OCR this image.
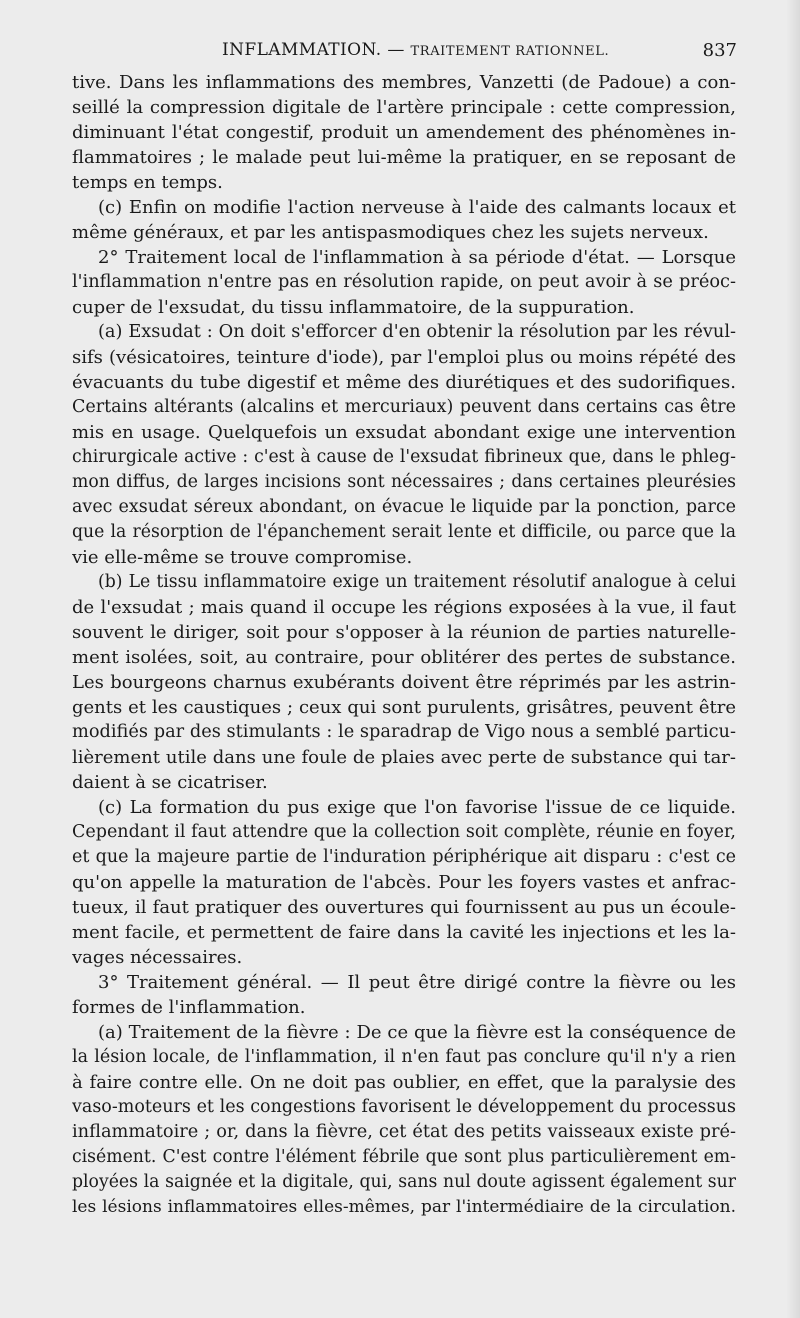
INFLAMMATION. — TRAITEMENT RATIONNEL.	837
tive. Dans les inflammations des membres, Vanzetti (de Padoue) a con-
seillé la compression digitale de l'artère principale : cette compression,
diminuant l'état congestif, produit un amendement des phénomènes in-
flammatoires ; le malade peut lui-même la pratiquer, en se reposant de
temps en temps.
(c) Enfin on modifie l'action nerveuse à l'aide des calmants locaux et
même généraux, et par les antispasmodiques chez les sujets nerveux.
2° Traitement local de l'inflammation à sa période d'état. — Lorsque
l'inflammation n'entre pas en résolution rapide, on peut avoir à se préoc-
cuper de l'exsudat, du tissu inflammatoire, de la suppuration.
(a) Exsudat : On doit s'efforcer d'en obtenir la résolution par les révul-
sifs (vésicatoires, teinture d'iode), par l'emploi plus ou moins répété des
évacuants du tube digestif et même des diurétiques et des sudorifiques.
Certains altérants (alcalins et mercuriaux) peuvent dans certains cas être
mis en usage. Quelquefois un exsudat abondant exige une intervention
chirurgicale active : c'est à cause de l'exsudat fibrineux que, dans le phleg-
mon diffus, de larges incisions sont nécessaires ; dans certaines pleurésies
avec exsudat séreux abondant, on évacue le liquide par la ponction, parce
que la résorption de l'épanchement serait lente et difficile, ou parce que la
vie elle-même se trouve compromise.
(b) Le tissu inflammatoire exige un traitement résolutif analogue à celui
de l'exsudat ; mais quand il occupe les régions exposées à la vue, il faut
souvent le diriger, soit pour s'opposer à la réunion de parties naturelle-
ment isolées, soit, au contraire, pour oblitérer des pertes de substance.
Les bourgeons charnus exubérants doivent être réprimés par les astrin-
gents et les caustiques ; ceux qui sont purulents, grisâtres, peuvent être
modifiés par des stimulants : le sparadrap de Vigo nous a semblé particu-
lièrement utile dans une foule de plaies avec perte de substance qui tar-
daient à se cicatriser.
(c) La formation du pus exige que l'on favorise l'issue de ce liquide.
Cependant il faut attendre que la collection soit complète, réunie en foyer,
et que la majeure partie de l'induration périphérique ait disparu : c'est ce
qu'on appelle la maturation de l'abcès. Pour les foyers vastes et anfrac-
tueux, il faut pratiquer des ouvertures qui fournissent au pus un écoule-
ment facile, et permettent de faire dans la cavité les injections et les la-
vages nécessaires.
3° Traitement général. — Il peut être dirigé contre la fièvre ou les
formes de l'inflammation.
(a) Traitement de la fièvre : De ce que la fièvre est la conséquence de
la lésion locale, de l'inflammation, il n'en faut pas conclure qu'il n'y a rien
à faire contre elle. On ne doit pas oublier, en effet, que la paralysie des
vaso-moteurs et les congestions favorisent le développement du processus
inflammatoire ; or, dans la fièvre, cet état des petits vaisseaux existe pré-
cisément. C'est contre l'élément fébrile que sont plus particulièrement em-
ployées la saignée et la digitale, qui, sans nul doute agissent également sur
les lésions inflammatoires elles-mêmes, par l'intermédiaire de la circulation.
